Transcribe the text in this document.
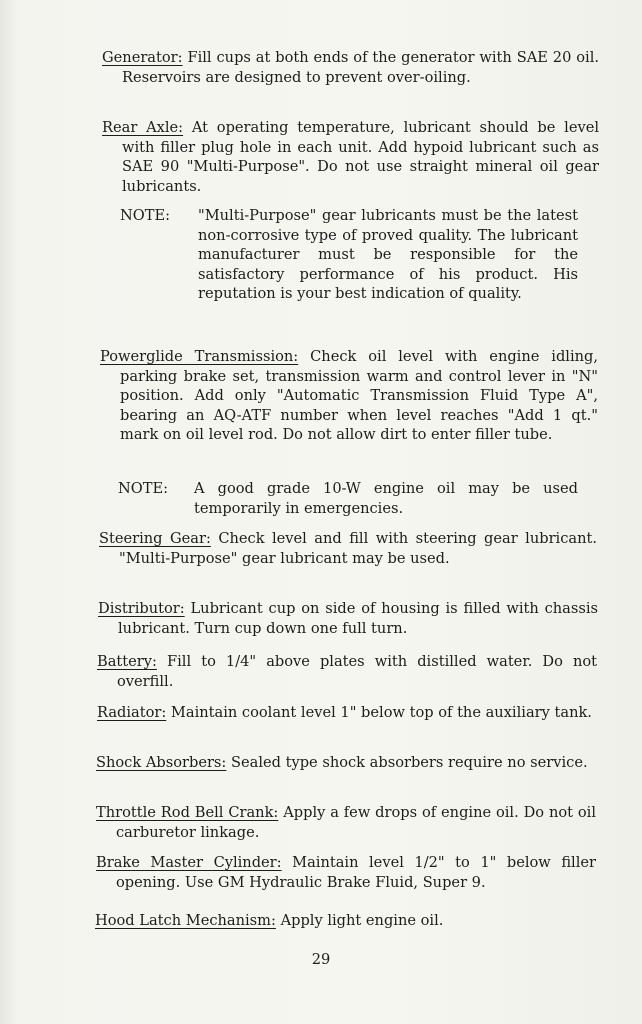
Generator: Fill cups at both ends of the generator with SAE 20 oil. Reservoirs are designed to prevent over-oiling.
Rear Axle: At operating temperature, lubricant should be level with filler plug hole in each unit. Add hypoid lubricant such as SAE 90 "Multi-Purpose". Do not use straight mineral oil gear lubricants.
NOTE: "Multi-Purpose" gear lubricants must be the latest non-corrosive type of proved quality. The lubricant manufacturer must be responsible for the satisfactory performance of his product. His reputation is your best indication of quality.
Powerglide Transmission: Check oil level with engine idling, parking brake set, transmission warm and control lever in "N" position. Add only "Automatic Transmission Fluid Type A", bearing an AQ-ATF number when level reaches "Add 1 qt." mark on oil level rod. Do not allow dirt to enter filler tube.
NOTE: A good grade 10-W engine oil may be used temporarily in emergencies.
Steering Gear: Check level and fill with steering gear lubricant. "Multi-Purpose" gear lubricant may be used.
Distributor: Lubricant cup on side of housing is filled with chassis lubricant. Turn cup down one full turn.
Battery: Fill to 1/4" above plates with distilled water. Do not overfill.
Radiator: Maintain coolant level 1" below top of the auxiliary tank.
Shock Absorbers: Sealed type shock absorbers require no service.
Throttle Rod Bell Crank: Apply a few drops of engine oil. Do not oil carburetor linkage.
Brake Master Cylinder: Maintain level 1/2" to 1" below filler opening. Use GM Hydraulic Brake Fluid, Super 9.
Hood Latch Mechanism: Apply light engine oil.
29
